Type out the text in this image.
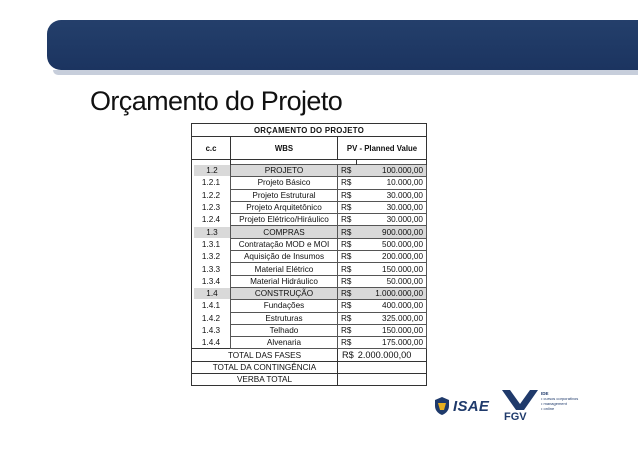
Orçamento do Projeto
ORÇAMENTO DO PROJETO			
c.c	WBS	PV - Planned Value	

1.2	PROJETO	R$	100.000,00
1.2.1	Projeto Básico	R$	10.000,00
1.2.2	Projeto Estrutural	R$	30.000,00
1.2.3	Projeto Arquitetônico	R$	30.000,00
1.2.4	Projeto Elétrico/Hiráulico	R$	30.000,00

1.3	COMPRAS	R$	900.000,00
1.3.1	Contratação MOD e MOI	R$	500.000,00
1.3.2	Aquisição de Insumos	R$	200.000,00
1.3.3	Material Elétrico	R$	150.000,00
1.3.4	Material Hidráulico	R$	50.000,00

1.4	CONSTRUÇÃO	R$	1.000.000,00
1.4.1	Fundações	R$	400.000,00
1.4.2	Estruturas	R$	325.000,00
1.4.3	Telhado	R$	150.000,00
1.4.4	Alvenaria	R$	175.000,00
TOTAL DAS FASES		R$ 2.000.000,00	
TOTAL DA CONTINGÊNCIA			
VERBA TOTAL			
ISAE
FGV
IDE
• cursos corporativos
• management
• online
